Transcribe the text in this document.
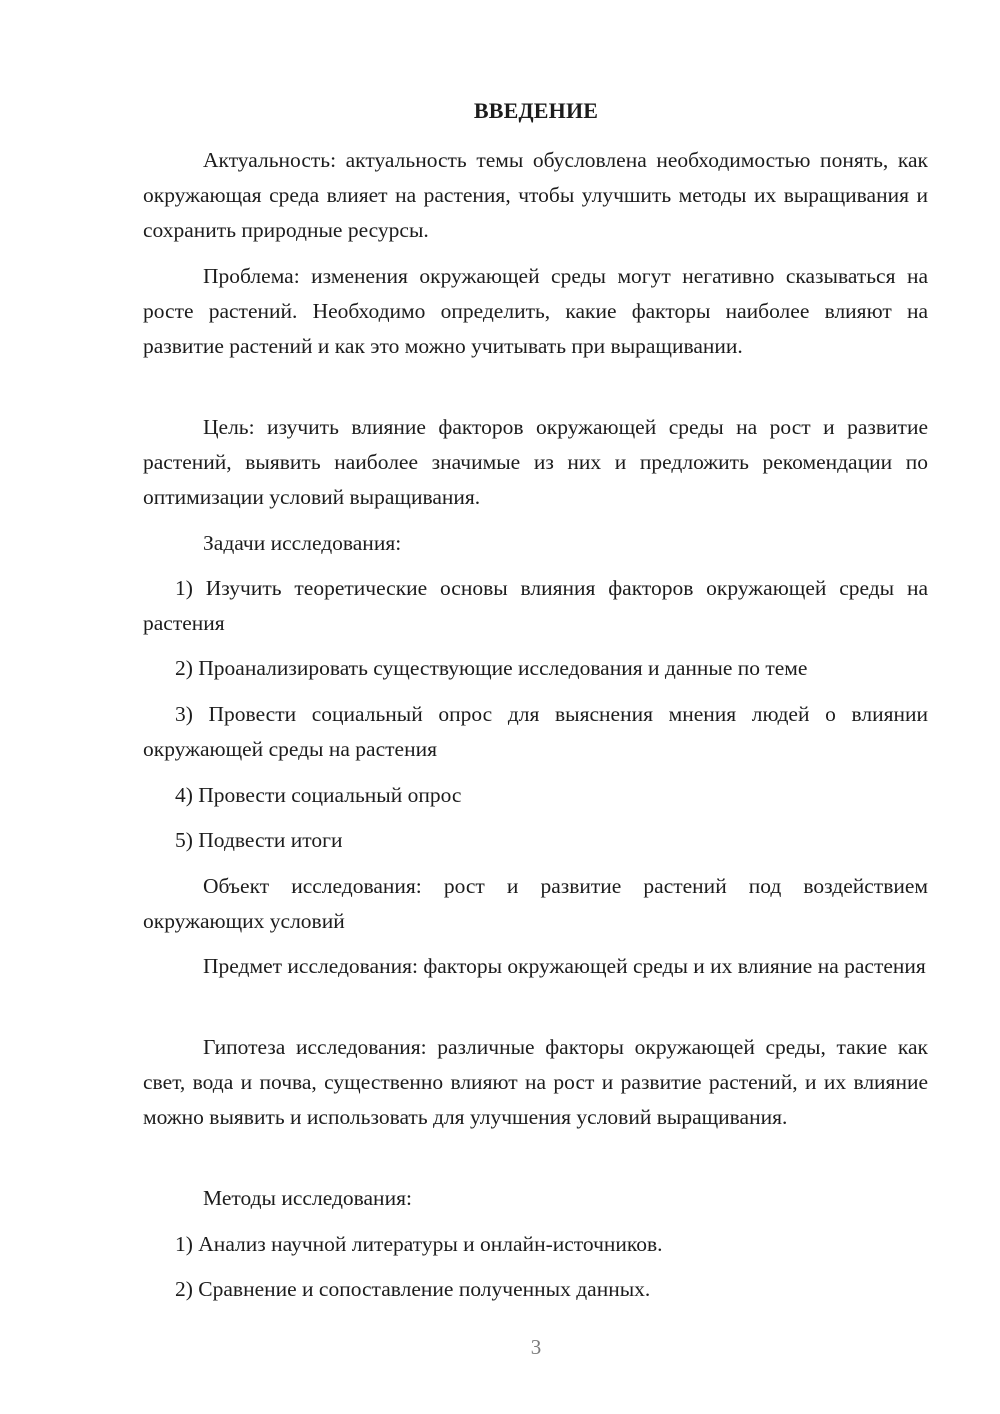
ВВЕДЕНИЕ
Актуальность: актуальность темы обусловлена необходимостью понять, как окружающая среда влияет на растения, чтобы улучшить методы их выращивания и сохранить природные ресурсы.
Проблема: изменения окружающей среды могут негативно сказываться на росте растений. Необходимо определить, какие факторы наиболее влияют на развитие растений и как это можно учитывать при выращивании.
Цель: изучить влияние факторов окружающей среды на рост и развитие растений, выявить наиболее значимые из них и предложить рекомендации по оптимизации условий выращивания.
Задачи исследования:
1) Изучить теоретические основы влияния факторов окружающей среды на растения
2) Проанализировать существующие исследования и данные по теме
3) Провести социальный опрос для выяснения мнения людей о влиянии окружающей среды на растения
4) Провести социальный опрос
5) Подвести итоги
Объект исследования: рост и развитие растений под воздействием окружающих условий
Предмет исследования: факторы окружающей среды и их влияние на растения
Гипотеза исследования: различные факторы окружающей среды, такие как свет, вода и почва, существенно влияют на рост и развитие растений, и их влияние можно выявить и использовать для улучшения условий выращивания.
Методы исследования:
1) Анализ научной литературы и онлайн-источников.
2) Сравнение и сопоставление полученных данных.
3
